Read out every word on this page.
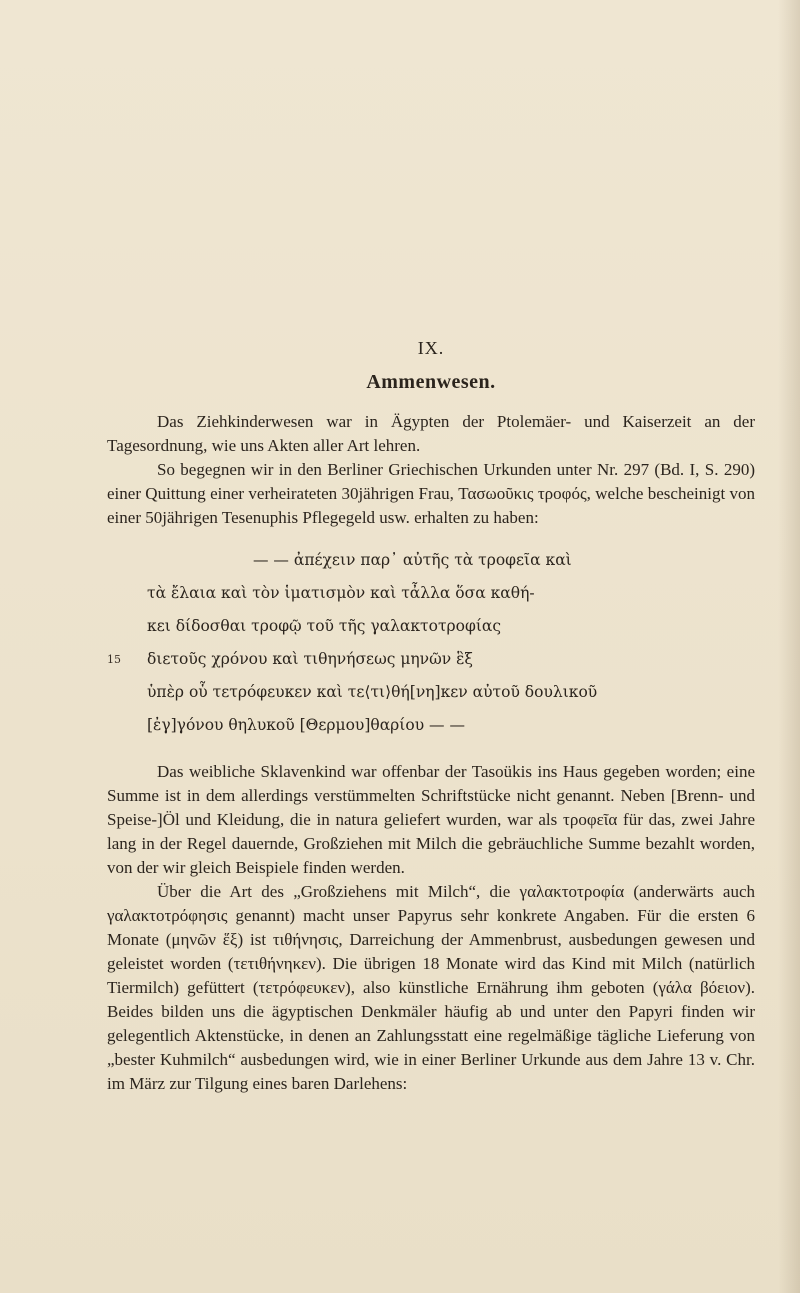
IX.
Ammenwesen.

Das Ziehkinderwesen war in Ägypten der Ptolemäer- und Kaiserzeit an der Tagesordnung, wie uns Akten aller Art lehren.

So begegnen wir in den Berliner Griechischen Urkunden unter Nr. 297 (Bd. I, S. 290) einer Quittung einer verheirateten 30jährigen Frau, Τασωοῦκις τροφός, welche bescheinigt von einer 50jährigen Tesenuphis Pflegegeld usw. erhalten zu haben:

— — ἀπέχειν παρ᾿ αὐτῆς τὰ τροφεῖα καὶ
τὰ ἔλαια καὶ τὸν ἱματισμὸν καὶ τἆλλα ὅσα καθή-
κει δίδοσθαι τροφῷ τοῦ τῆς γαλακτοτροφίας
15 διετοῦς χρόνου καὶ τιθηνήσεως μηνῶν ἓξ
ὑπὲρ οὗ τετρόφευκεν καὶ τε⟨τι⟩θή[νη]κεν αὐτοῦ δουλικοῦ
[ἐγ]γόνου θηλυκοῦ [Θερμου]θαρίου — —

Das weibliche Sklavenkind war offenbar der Tasoükis ins Haus gegeben worden; eine Summe ist in dem allerdings verstümmelten Schriftstücke nicht genannt. Neben [Brenn- und Speise-]Öl und Kleidung, die in natura geliefert wurden, war als τροφεῖα für das, zwei Jahre lang in der Regel dauernde, Großziehen mit Milch die gebräuchliche Summe bezahlt worden, von der wir gleich Beispiele finden werden.

Über die Art des „Großziehens mit Milch“, die γαλακτοτροφία (anderwärts auch γαλακτοτρόφησις genannt) macht unser Papyrus sehr konkrete Angaben. Für die ersten 6 Monate (μηνῶν ἕξ) ist τιθήνησις, Darreichung der Ammenbrust, ausbedungen gewesen und geleistet worden (τετιθήνηκεν). Die übrigen 18 Monate wird das Kind mit Milch (natürlich Tiermilch) gefüttert (τετρόφευκεν), also künstliche Ernährung ihm geboten (γάλα βόειον). Beides bilden uns die ägyptischen Denkmäler häufig ab und unter den Papyri finden wir gelegentlich Aktenstücke, in denen an Zahlungsstatt eine regelmäßige tägliche Lieferung von „bester Kuhmilch“ ausbedungen wird, wie in einer Berliner Urkunde aus dem Jahre 13 v. Chr. im März zur Tilgung eines baren Darlehens:
